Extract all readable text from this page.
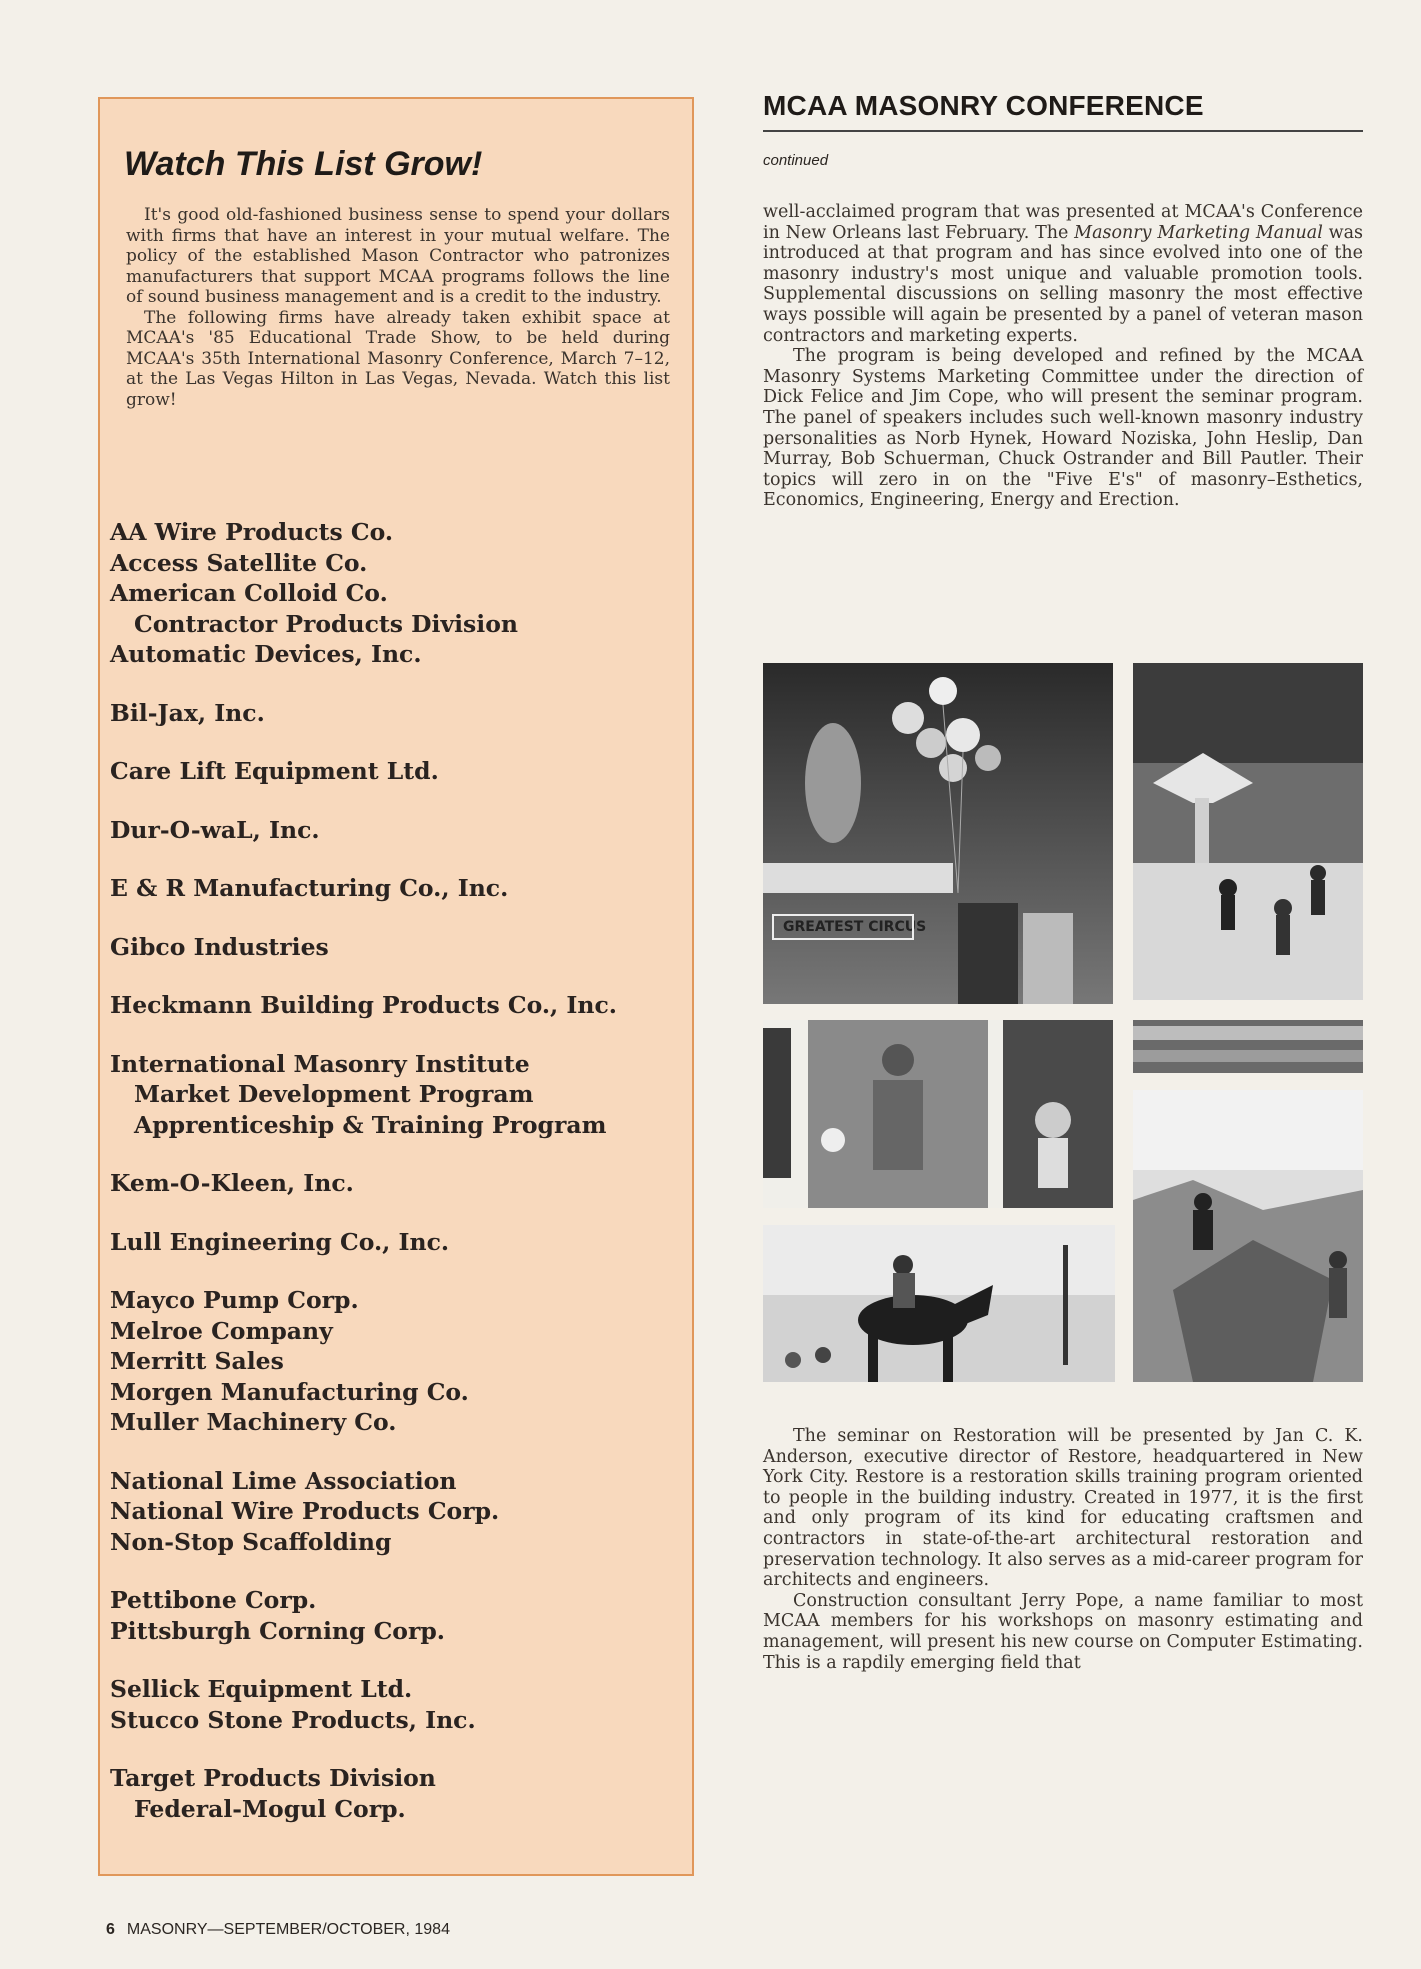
Watch This List Grow!

It's good old-fashioned business sense to spend your dollars with firms that have an interest in your mutual welfare. The policy of the established Mason Contractor who patronizes manufacturers that support MCAA programs follows the line of sound business management and is a credit to the industry.

The following firms have already taken exhibit space at MCAA's '85 Educational Trade Show, to be held during MCAA's 35th International Masonry Conference, March 7–12, at the Las Vegas Hilton in Las Vegas, Nevada. Watch this list grow!

AA Wire Products Co.
Access Satellite Co.
American Colloid Co.
Contractor Products Division
Automatic Devices, Inc.
Bil-Jax, Inc.
Care Lift Equipment Ltd.
Dur-O-waL, Inc.
E & R Manufacturing Co., Inc.
Gibco Industries
Heckmann Building Products Co., Inc.
International Masonry Institute
Market Development Program
Apprenticeship & Training Program
Kem-O-Kleen, Inc.
Lull Engineering Co., Inc.
Mayco Pump Corp.
Melroe Company
Merritt Sales
Morgen Manufacturing Co.
Muller Machinery Co.
National Lime Association
National Wire Products Corp.
Non-Stop Scaffolding
Pettibone Corp.
Pittsburgh Corning Corp.
Sellick Equipment Ltd.
Stucco Stone Products, Inc.
Target Products Division
Federal-Mogul Corp.
MCAA MASONRY CONFERENCE
continued

well-acclaimed program that was presented at MCAA's Conference in New Orleans last February. The Masonry Marketing Manual was introduced at that program and has since evolved into one of the masonry industry's most unique and valuable promotion tools. Supplemental discussions on selling masonry the most effective ways possible will again be presented by a panel of veteran mason contractors and marketing experts.

The program is being developed and refined by the MCAA Masonry Systems Marketing Committee under the direction of Dick Felice and Jim Cope, who will present the seminar program. The panel of speakers includes such well-known masonry industry personalities as Norb Hynek, Howard Noziska, John Heslip, Dan Murray, Bob Schuerman, Chuck Ostrander and Bill Pautler. Their topics will zero in on the "Five E's" of masonry–Esthetics, Economics, Engineering, Energy and Erection.

GREATEST CIRCUS

The seminar on Restoration will be presented by Jan C. K. Anderson, executive director of Restore, headquartered in New York City. Restore is a restoration skills training program oriented to people in the building industry. Created in 1977, it is the first and only program of its kind for educating craftsmen and contractors in state-of-the-art architectural restoration and preservation technology. It also serves as a mid-career program for architects and engineers.

Construction consultant Jerry Pope, a name familiar to most MCAA members for his workshops on masonry estimating and management, will present his new course on Computer Estimating. This is a rapdily emerging field that

6 MASONRY—SEPTEMBER/OCTOBER, 1984
